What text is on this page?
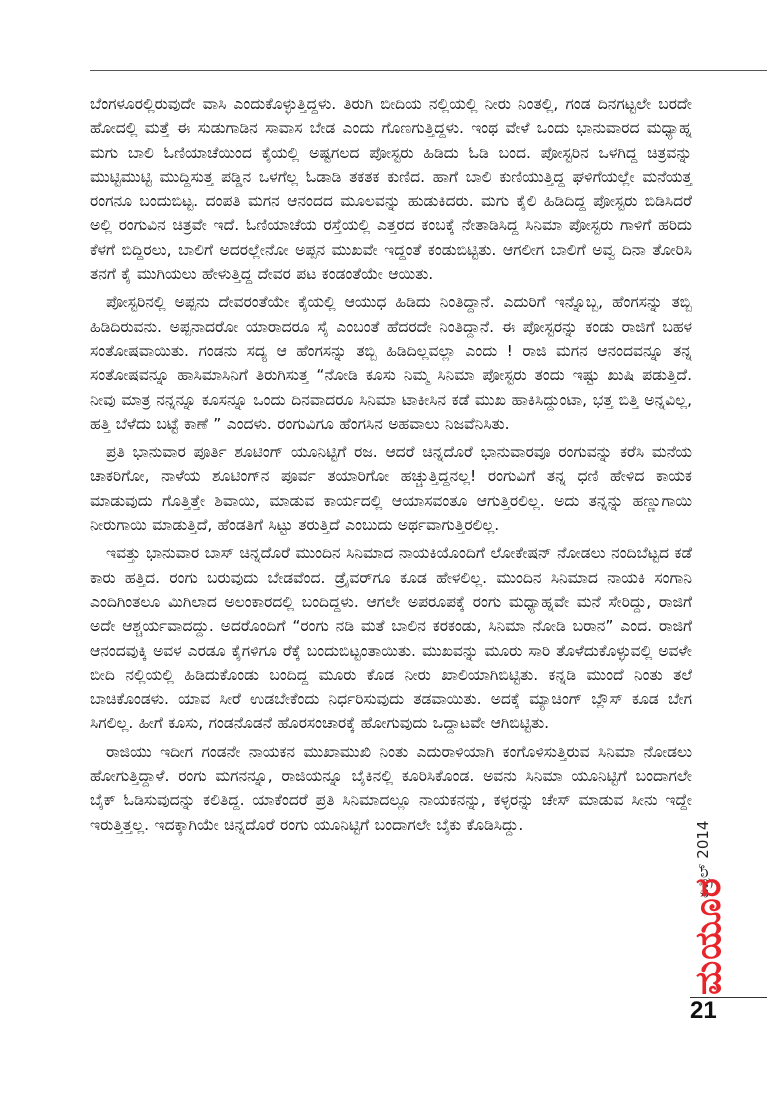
ಬೆಂಗಳೂರಲ್ಲಿರುವುದೇ ವಾಸಿ ಎಂದುಕೊಳ್ಳುತ್ತಿದ್ದಳು. ತಿರುಗಿ ಬೀದಿಯ ನಲ್ಲಿಯಲ್ಲಿ ನೀರು ನಿಂತಲ್ಲಿ, ಗಂಡ ದಿನಗಟ್ಟಲೇ ಬರದೇ ಹೋದಲ್ಲಿ ಮತ್ತೆ ಈ ಸುಡುಗಾಡಿನ ಸಾವಾಸ ಬೇಡ ಎಂದು ಗೊಣಗುತ್ತಿದ್ದಳು. ಇಂಥ ವೇಳೆ ಒಂದು ಭಾನುವಾರದ ಮಧ್ಯಾಹ್ನ ಮಗು ಬಾಲಿ ಓಣಿಯಾಚೆಯಿಂದ ಕೈಯಲ್ಲಿ ಅಷ್ಟಗಲದ ಪೋಸ್ಟರು ಹಿಡಿದು ಓಡಿ ಬಂದ. ಪೋಸ್ಟರಿನ ಒಳಗಿದ್ದ ಚಿತ್ರವನ್ನು ಮುಟ್ಟಿಮುಟ್ಟಿ ಮುದ್ದಿಸುತ್ತ ಪಡ್ಡಿನ ಒಳಗೆಲ್ಲ ಓಡಾಡಿ ತಕತಕ ಕುಣಿದ. ಹಾಗೆ ಬಾಲಿ ಕುಣಿಯುತ್ತಿದ್ದ ಘಳಿಗೆಯಲ್ಲೇ ಮನೆಯತ್ತ ರಂಗನೂ ಬಂದುಬಿಟ್ಟ. ದಂಪತಿ ಮಗನ ಆನಂದದ ಮೂಲವನ್ನು ಹುಡುಕಿದರು. ಮಗು ಕೈಲಿ ಹಿಡಿದಿದ್ದ ಪೋಸ್ಟರು ಬಿಡಿಸಿದರೆ ಅಲ್ಲಿ ರಂಗುವಿನ ಚಿತ್ರವೇ ಇದೆ. ಓಣಿಯಾಚೆಯ ರಸ್ತೆಯಲ್ಲಿ ಎತ್ತರದ ಕಂಬಕ್ಕೆ ನೇತಾಡಿಸಿದ್ದ ಸಿನಿಮಾ ಪೋಸ್ಟರು ಗಾಳಿಗೆ ಹರಿದು ಕೆಳಗೆ ಬಿದ್ದಿರಲು, ಬಾಲಿಗೆ ಅದರಲ್ಲೇನೋ ಅಪ್ಪನ ಮುಖವೇ ಇದ್ದಂತೆ ಕಂಡುಬಿಟ್ಟಿತು. ಆಗಲೀಗ ಬಾಲಿಗೆ ಅವ್ವ ದಿನಾ ತೋರಿಸಿ ತನಗೆ ಕೈ ಮುಗಿಯಲು ಹೇಳುತ್ತಿದ್ದ ದೇವರ ಪಟ ಕಂಡಂತೆಯೇ ಆಯಿತು.

ಪೋಸ್ಟರಿನಲ್ಲಿ ಅಪ್ಪನು ದೇವರಂತೆಯೇ ಕೈಯಲ್ಲಿ ಆಯುಧ ಹಿಡಿದು ನಿಂತಿದ್ದಾನೆ. ಎದುರಿಗೆ ಇನ್ನೊಬ್ಬ, ಹೆಂಗಸನ್ನು ತಬ್ಬಿ ಹಿಡಿದಿರುವನು. ಅಪ್ಪನಾದರೋ ಯಾರಾದರೂ ಸೈ ಎಂಬಂತೆ ಹೆದರದೇ ನಿಂತಿದ್ದಾನೆ. ಈ ಪೋಸ್ಟರನ್ನು ಕಂಡು ರಾಜಿಗೆ ಬಹಳ ಸಂತೋಷವಾಯಿತು. ಗಂಡನು ಸದ್ಯ ಆ ಹೆಂಗಸನ್ನು ತಬ್ಬಿ ಹಿಡಿದಿಲ್ಲವಲ್ಲಾ ಎಂದು ! ರಾಜಿ ಮಗನ ಆನಂದವನ್ನೂ ತನ್ನ ಸಂತೋಷವನ್ನೂ ಹಾಸಿಮಾಸಿನಿಗೆ ತಿರುಗಿಸುತ್ತ “ನೋಡಿ ಕೂಸು ನಿಮ್ಮ ಸಿನಿಮಾ ಪೋಸ್ಟರು ತಂದು ಇಷ್ಟು ಖುಷಿ ಪಡುತ್ತಿದೆ. ನೀವು ಮಾತ್ರ ನನ್ನನ್ನೂ ಕೂಸನ್ನೂ ಒಂದು ದಿನವಾದರೂ ಸಿನಿಮಾ ಟಾಕೀಸಿನ ಕಡೆ ಮುಖ ಹಾಕಿಸಿದ್ದುಂಟಾ, ಭತ್ತ ಬಿತ್ತಿ ಅನ್ನವಿಲ್ಲ, ಹತ್ತಿ ಬೆಳೆದು ಬಟ್ಟೆ ಕಾಣೆ ” ಎಂದಳು. ರಂಗುವಿಗೂ ಹೆಂಗಸಿನ ಅಹವಾಲು ನಿಜವೆನಿಸಿತು.

ಪ್ರತಿ ಭಾನುವಾರ ಪೂರ್ತಿ ಶೂಟಿಂಗ್ ಯೂನಿಟ್ಟಿಗೆ ರಜ. ಆದರೆ ಚಿನ್ನದೊರೆ ಭಾನುವಾರವೂ ರಂಗುವನ್ನು ಕರೆಸಿ ಮನೆಯ ಚಾಕರಿಗೋ, ನಾಳೆಯ ಶೂಟಿಂಗ್‌ನ ಪೂರ್ವ ತಯಾರಿಗೋ ಹಚ್ಚುತ್ತಿದ್ದನಲ್ಲ! ರಂಗುವಿಗೆ ತನ್ನ ಧಣಿ ಹೇಳಿದ ಕಾಯಕ ಮಾಡುವುದು ಗೊತ್ತಿತ್ತೇ ಶಿವಾಯಿ, ಮಾಡುವ ಕಾರ್ಯದಲ್ಲಿ ಆಯಾಸವಂತೂ ಆಗುತ್ತಿರಲಿಲ್ಲ. ಅದು ತನ್ನನ್ನು ಹಣ್ಣುಗಾಯಿ ನೀರುಗಾಯಿ ಮಾಡುತ್ತಿದೆ, ಹೆಂಡತಿಗೆ ಸಿಟ್ಟು ತರುತ್ತಿದೆ ಎಂಬುದು ಅರ್ಥವಾಗುತ್ತಿರಲಿಲ್ಲ.

ಇವತ್ತು ಭಾನುವಾರ ಬಾಸ್ ಚಿನ್ನದೊರೆ ಮುಂದಿನ ಸಿನಿಮಾದ ನಾಯಕಿಯೊಂದಿಗೆ ಲೋಕೇಷನ್ ನೋಡಲು ನಂದಿಬೆಟ್ಟದ ಕಡೆ ಕಾರು ಹತ್ತಿದ. ರಂಗು ಬರುವುದು ಬೇಡವೆಂದ. ಡ್ರೈವರ್‌ಗೂ ಕೂಡ ಹೇಳಲಿಲ್ಲ. ಮುಂದಿನ ಸಿನಿಮಾದ ನಾಯಕಿ ಸಂಗಾನಿ ಎಂದಿಗಿಂತಲೂ ಮಿಗಿಲಾದ ಅಲಂಕಾರದಲ್ಲಿ ಬಂದಿದ್ದಳು. ಆಗಲೇ ಅಪರೂಪಕ್ಕೆ ರಂಗು ಮಧ್ಯಾಹ್ನವೇ ಮನೆ ಸೇರಿದ್ದು, ರಾಜಿಗೆ ಅದೇ ಆಶ್ಚರ್ಯವಾದದ್ದು. ಅದರೊಂದಿಗೆ “ರಂಗು ನಡಿ ಮತೆ ಬಾಲಿನ ಕರಕಂಡು, ಸಿನಿಮಾ ನೋಡಿ ಬರಾನ” ಎಂದ. ರಾಜಿಗೆ ಆನಂದವುಕ್ಕಿ ಅವಳ ಎರಡೂ ಕೈಗಳಿಗೂ ರೆಕ್ಕೆ ಬಂದುಬಿಟ್ಟಂತಾಯಿತು. ಮುಖವನ್ನು ಮೂರು ಸಾರಿ ತೊಳೆದುಕೊಳ್ಳುವಲ್ಲಿ ಅವಳೇ ಬೀದಿ ನಲ್ಲಿಯಲ್ಲಿ ಹಿಡಿದುಕೊಂಡು ಬಂದಿದ್ದ ಮೂರು ಕೊಡ ನೀರು ಖಾಲಿಯಾಗಿಬಿಟ್ಟಿತು. ಕನ್ನಡಿ ಮುಂದೆ ನಿಂತು ತಲೆ ಬಾಚಿಕೊಂಡಳು. ಯಾವ ಸೀರೆ ಉಡಬೇಕೆಂದು ನಿರ್ಧರಿಸುವುದು ತಡವಾಯಿತು. ಅದಕ್ಕೆ ಮ್ಯಾಚಿಂಗ್ ಬ್ಲೌಸ್ ಕೂಡ ಬೇಗ ಸಿಗಲಿಲ್ಲ. ಹೀಗೆ ಕೂಸು, ಗಂಡನೊಡನೆ ಹೊರಸಂಚಾರಕ್ಕೆ ಹೋಗುವುದು ಒದ್ದಾಟವೇ ಆಗಿಬಿಟ್ಟಿತು.

ರಾಜಿಯು ಇದೀಗ ಗಂಡನೇ ನಾಯಕನ ಮುಖಾಮುಖಿ ನಿಂತು ಎದುರಾಳಿಯಾಗಿ ಕಂಗೊಳಿಸುತ್ತಿರುವ ಸಿನಿಮಾ ನೋಡಲು ಹೋಗುತ್ತಿದ್ದಾಳೆ. ರಂಗು ಮಗನನ್ನೂ, ರಾಜಿಯನ್ನೂ ಬೈಕಿನಲ್ಲಿ ಕೂರಿಸಿಕೊಂಡ. ಅವನು ಸಿನಿಮಾ ಯೂನಿಟ್ಟಿಗೆ ಬಂದಾಗಲೇ ಬೈಕ್ ಓಡಿಸುವುದನ್ನು ಕಲಿತಿದ್ದ. ಯಾಕೆಂದರೆ ಪ್ರತಿ ಸಿನಿಮಾದಲ್ಲೂ ನಾಯಕನನ್ನು, ಕಳ್ಳರನ್ನು ಚೇಸ್ ಮಾಡುವ ಸೀನು ಇದ್ದೇ ಇರುತ್ತಿತ್ತಲ್ಲ. ಇದಕ್ಕಾಗಿಯೇ ಚಿನ್ನದೊರೆ ರಂಗು ಯೂನಿಟ್ಟಿಗೆ ಬಂದಾಗಲೇ ಬೈಕು ಕೊಡಿಸಿದ್ದು.	ಏಪ್ರಿಲ್ 2014
ಮಯೂರ
21
